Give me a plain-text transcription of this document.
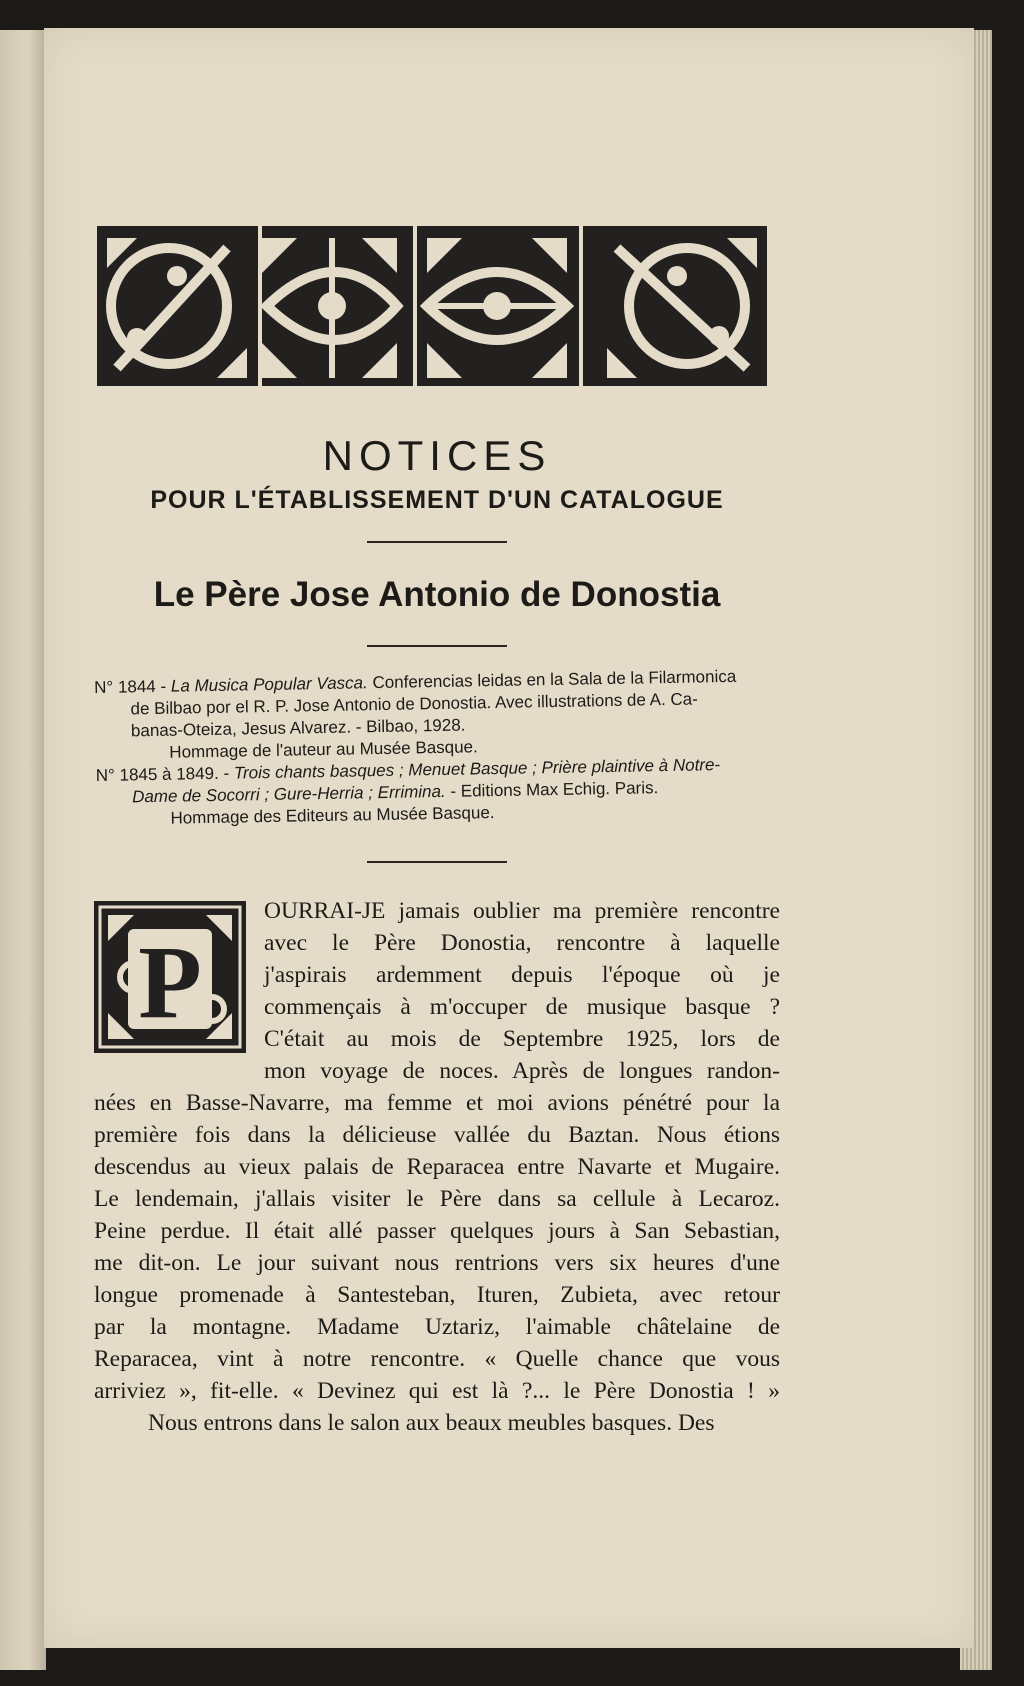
NOTICES
POUR L'ÉTABLISSEMENT D'UN CATALOGUE
Le Père Jose Antonio de Donostia
N° 1844 - La Musica Popular Vasca. Conferencias leidas en la Sala de la Filarmonica
de Bilbao por el R. P. Jose Antonio de Donostia. Avec illustrations de A. Ca-
banas-Oteiza, Jesus Alvarez. - Bilbao, 1928.
Hommage de l'auteur au Musée Basque.
N° 1845 à 1849. - Trois chants basques ; Menuet Basque ; Prière plaintive à Notre-
Dame de Socorri ; Gure-Herria ; Errimina. - Editions Max Echig. Paris.
Hommage des Editeurs au Musée Basque.
P
OURRAI-JE jamais oublier ma première rencontre
avec le Père Donostia, rencontre à laquelle
j'aspirais ardemment depuis l'époque où je
commençais à m'occuper de musique basque ?
C'était au mois de Septembre 1925, lors de
mon voyage de noces. Après de longues randon-
nées en Basse-Navarre, ma femme et moi avions pénétré pour la
première fois dans la délicieuse vallée du Baztan. Nous étions
descendus au vieux palais de Reparacea entre Navarte et Mugaire.
Le lendemain, j'allais visiter le Père dans sa cellule à Lecaroz.
Peine perdue. Il était allé passer quelques jours à San Sebastian,
me dit-on. Le jour suivant nous rentrions vers six heures d'une
longue promenade à Santesteban, Ituren, Zubieta, avec retour
par la montagne. Madame Uztariz, l'aimable châtelaine de
Reparacea, vint à notre rencontre. « Quelle chance que vous
arriviez », fit-elle. « Devinez qui est là ?... le Père Donostia ! »
Nous entrons dans le salon aux beaux meubles basques. Des
